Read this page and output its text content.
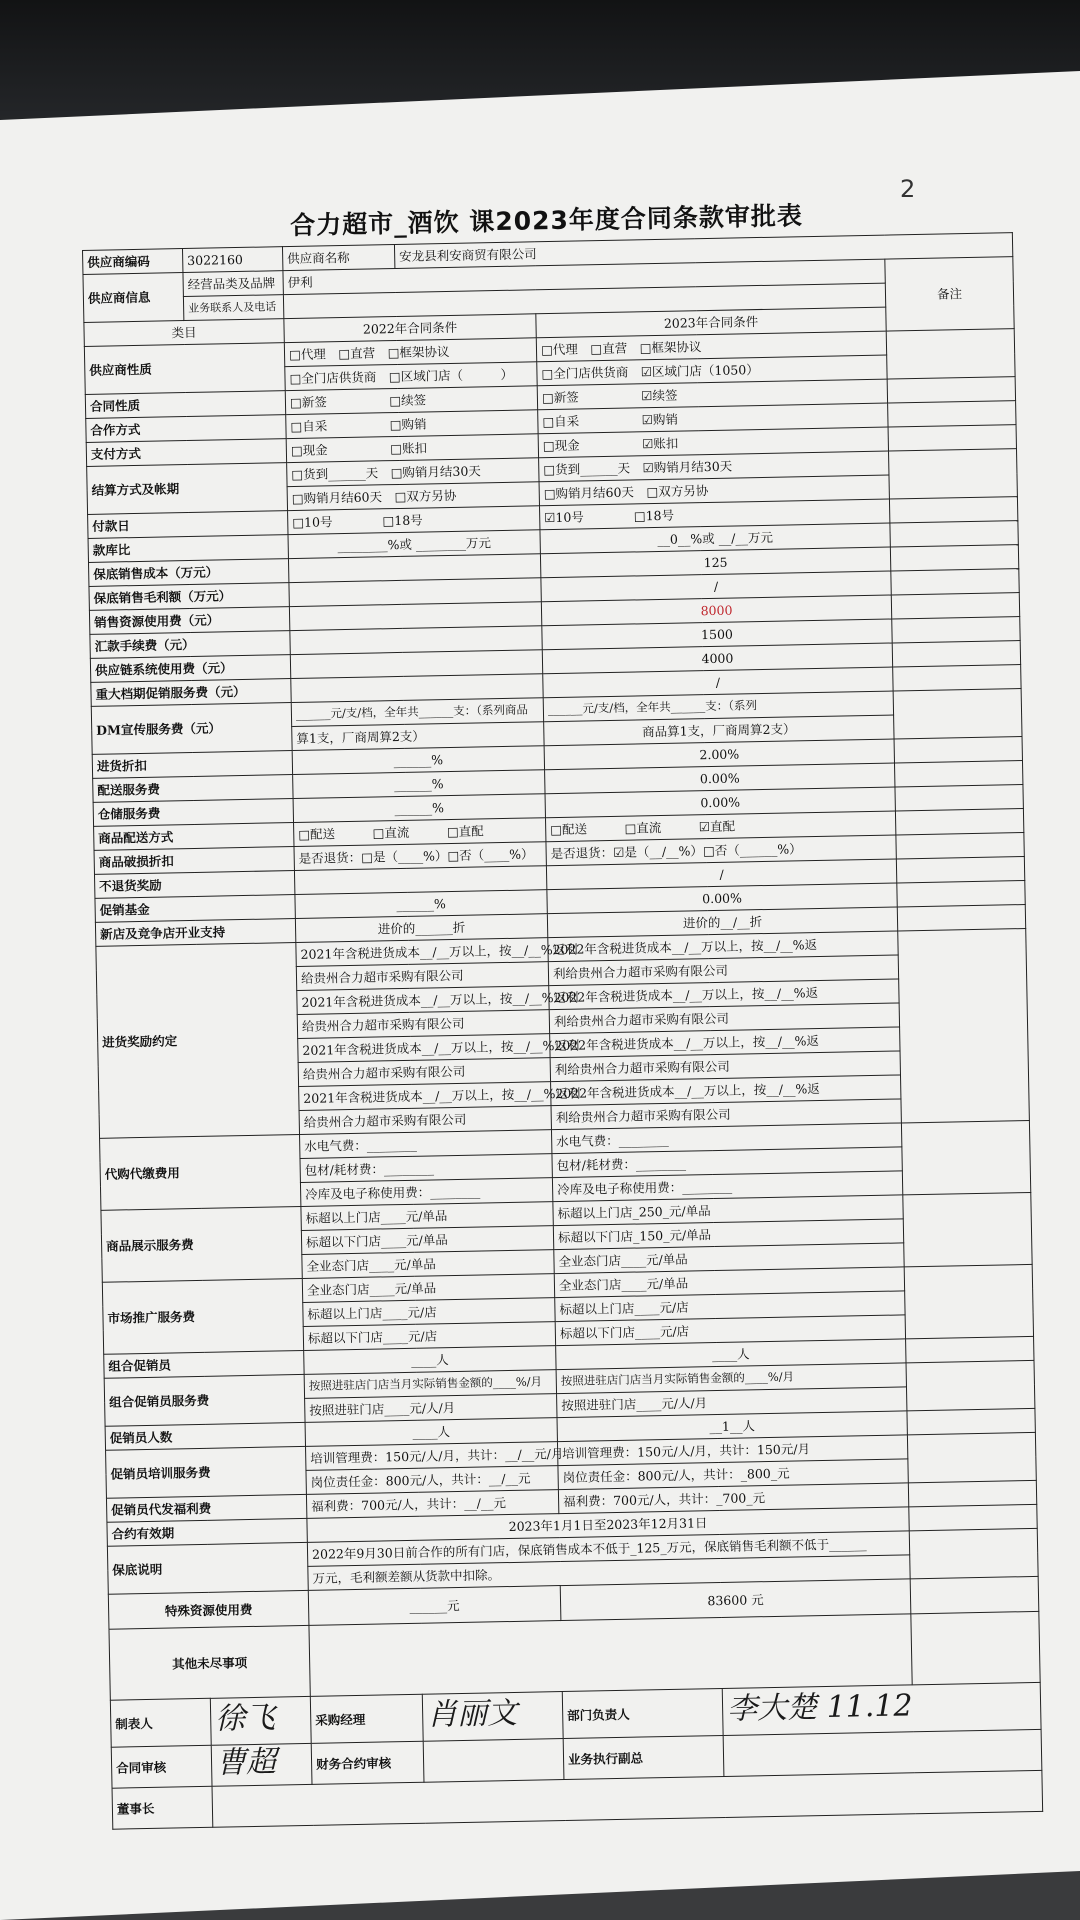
2
合力超市_酒饮 课2023年度合同条款审批表
供应商编码	3022160	供应商名称	安龙县利安商贸有限公司			
供应商信息	经营品类及品牌	伊利				备注
	业务联系人及电话					
类目		2022年合同条件		2023年合同条件		
供应商性质		□代理　□直营　□框架协议		□代理　□直营　□框架协议		
		□全门店供货商　□区域门店（　　　）		□全门店供货商　☑区域门店（1050）		
合同性质		□新签　　　　　□续签		□新签　　　　　☑续签		
合作方式		□自采　　　　　□购销		□自采　　　　　☑购销		
支付方式		□现金　　　　　□账扣		□现金　　　　　☑账扣		
结算方式及帐期		□货到______天　□购销月结30天		□货到______天　☑购销月结30天		
		□购销月结60天　□双方另协		□购销月结60天　□双方另协		
付款日		□10号　　　　□18号		☑10号　　　　□18号		
款库比		________%或 ________万元		__0__%或 __/__万元		
保底销售成本（万元）				125		
保底销售毛利额（万元）				/		
销售资源使用费（元）				8000		
汇款手续费（元）				1500		
供应链系统使用费（元）				4000		
重大档期促销服务费（元）				/		
DM宣传服务费（元）		______元/支/档，全年共______支：（系列商品		______元/支/档，全年共______支：（系列		
		算1支，厂商周算2支）		商品算1支，厂商周算2支）		
进货折扣		______%		2.00%		
配送服务费		______%		0.00%		
仓储服务费		______%		0.00%		
商品配送方式		□配送　　　□直流　　　□直配		□配送　　　□直流　　　☑直配		
商品破损折扣		是否退货：□是（____%）□否（____%）		是否退货：☑是（__/__%）□否（______%）		
不退货奖励				/		
促销基金		______%		0.00%		
新店及竞争店开业支持		进价的______折		进价的__/__折		
进货奖励约定		2021年含税进货成本__/__万以上，按__/__%返利		2022年含税进货成本__/__万以上，按__/__%返		
		给贵州合力超市采购有限公司		利给贵州合力超市采购有限公司		
		2021年含税进货成本__/__万以上，按__/__%返利		2022年含税进货成本__/__万以上，按__/__%返		
		给贵州合力超市采购有限公司		利给贵州合力超市采购有限公司		
		2021年含税进货成本__/__万以上，按__/__%返利		2022年含税进货成本__/__万以上，按__/__%返		
		给贵州合力超市采购有限公司		利给贵州合力超市采购有限公司		
		2021年含税进货成本__/__万以上，按__/__%返利		2022年含税进货成本__/__万以上，按__/__%返		
		给贵州合力超市采购有限公司		利给贵州合力超市采购有限公司		
代购代缴费用		水电气费：________		水电气费：________		
		包材/耗材费：________		包材/耗材费：________		
		冷库及电子称使用费：________		冷库及电子称使用费：________		
商品展示服务费		标超以上门店____元/单品		标超以上门店_250_元/单品		
		标超以下门店____元/单品		标超以下门店_150_元/单品		
		全业态门店____元/单品		全业态门店____元/单品		
市场推广服务费		全业态门店____元/单品		全业态门店____元/单品		
		标超以上门店____元/店		标超以上门店____元/店		
		标超以下门店____元/店		标超以下门店____元/店		
组合促销员		____人		____人		
组合促销员服务费		按照进驻店门店当月实际销售金额的____%/月		按照进驻店门店当月实际销售金额的____%/月		
		按照进驻门店____元/人/月		按照进驻门店____元/人/月		
促销员人数		____人		__1__人		
促销员培训服务费		培训管理费：150元/人/月，共计：__/__元/月		培训管理费：150元/人/月，共计：150元/月		
		岗位责任金：800元/人，共计：__/__元		岗位责任金：800元/人，共计：_800_元		
促销员代发福利费		福利费：700元/人，共计：__/__元		福利费：700元/人，共计：_700_元		
合约有效期		2023年1月1日至2023年12月31日				
保底说明		2022年9月30日前合作的所有门店，保底销售成本不低于_125_万元，保底销售毛利额不低于______				
		万元，毛利额差额从货款中扣除。				
特殊资源使用费		______元		83600 元		
其他未尽事项						
制表人	徐飞	采购经理	肖丽文	部门负责人	李大楚 11.12	
合同审核	曹超	财务合约审核		业务执行副总		
董事长						
